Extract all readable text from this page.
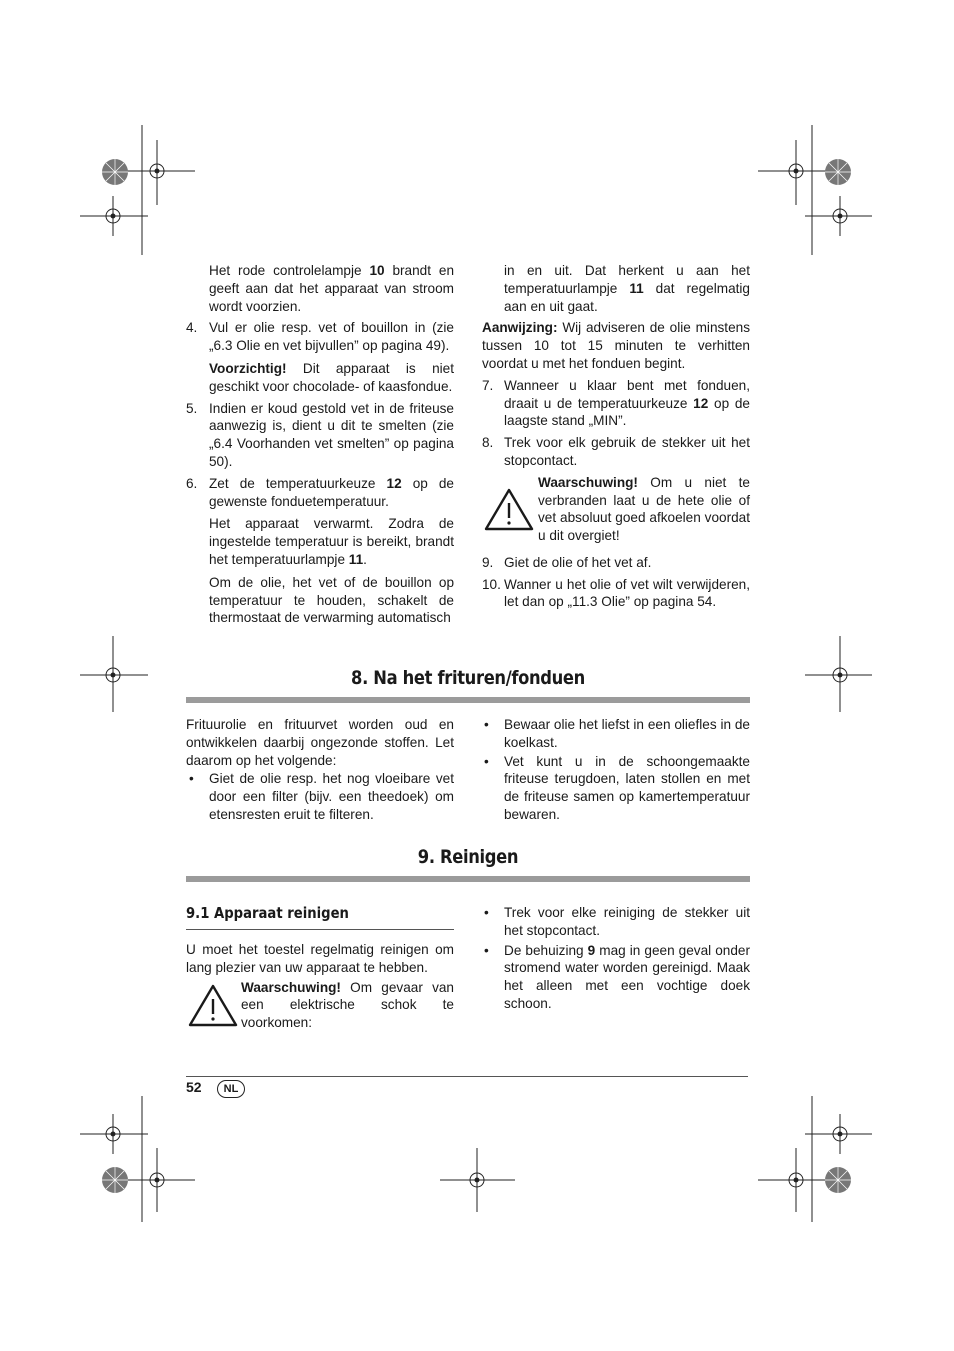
Het rode controlelampje 10 brandt en geeft aan dat het apparaat van stroom wordt voorzien.

4. Vul er olie resp. vet of bouillon in (zie „6.3 Olie en vet bijvullen” op pagina 49).

Voorzichtig! Dit apparaat is niet geschikt voor chocolade- of kaasfondue.

5. Indien er koud gestold vet in de friteuse aanwezig is, dient u dit te smelten (zie „6.4 Voorhanden vet smelten” op pagina 50).

6. Zet de temperatuurkeuze 12 op de gewenste fonduetemperatuur.

Het apparaat verwarmt. Zodra de ingestelde temperatuur is bereikt, brandt het temperatuurlampje 11.

Om de olie, het vet of de bouillon op temperatuur te houden, schakelt de thermostaat de verwarming automatisch

in en uit. Dat herkent u aan het temperatuurlampje 11 dat regelmatig aan en uit gaat.

Aanwijzing: Wij adviseren de olie minstens tussen 10 tot 15 minuten te verhitten voordat u met het fonduen begint.

7. Wanneer u klaar bent met fonduen, draait u de temperatuurkeuze 12 op de laagste stand „MIN”.

8. Trek voor elk gebruik de stekker uit het stopcontact.

Waarschuwing! Om u niet te verbranden laat u de hete olie of vet absoluut goed afkoelen voordat u dit overgiet!

9. Giet de olie of het vet af.

10. Wanner u het olie of vet wilt verwijderen, let dan op „11.3 Olie” op pagina 54.

8. Na het frituren/fonduen

Frituurolie en frituurvet worden oud en ontwikkelen daarbij ongezonde stoffen. Let daarom op het volgende:

• Giet de olie resp. het nog vloeibare vet door een filter (bijv. een theedoek) om etensresten eruit te filteren.

• Bewaar olie het liefst in een oliefles in de koelkast.

• Vet kunt u in de schoongemaakte friteuse terugdoen, laten stollen en met de friteuse samen op kamertemperatuur bewaren.

9. Reinigen
9.1 Apparaat reinigen

U moet het toestel regelmatig reinigen om lang plezier van uw apparaat te hebben.

Waarschuwing! Om gevaar van een elektrische schok te voorkomen:

• Trek voor elke reiniging de stekker uit het stopcontact.

• De behuizing 9 mag in geen geval onder stromend water worden gereinigd. Maak het alleen met een vochtige doek schoon.

52	NL
